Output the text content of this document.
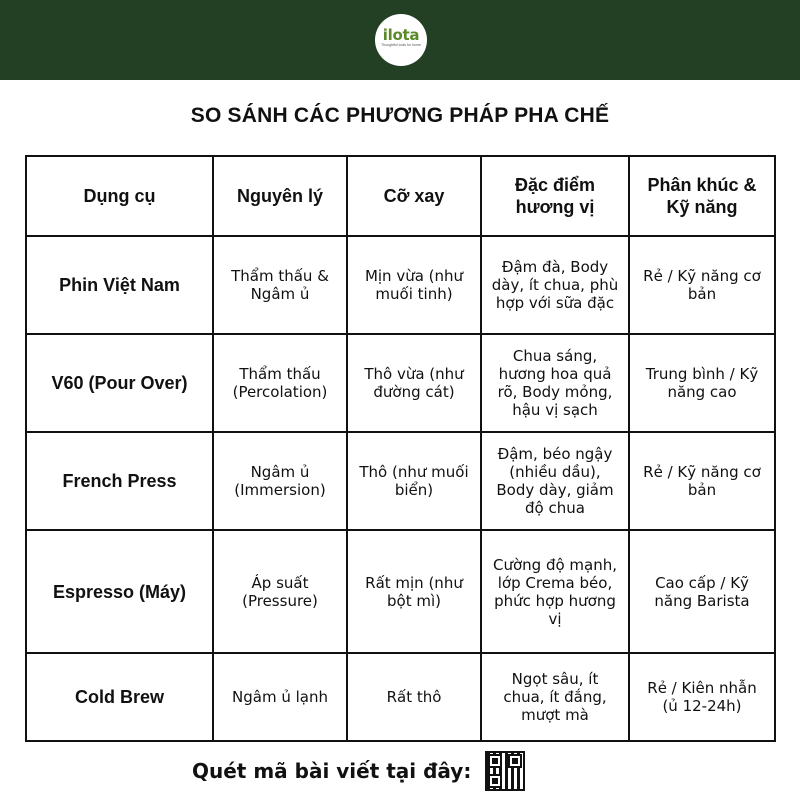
ilota
Thoughtful tools for home
SO SÁNH CÁC PHƯƠNG PHÁP PHA CHẾ
Dụng cụ	Nguyên lý	Cỡ xay	Đặc điểm hương vị	Phân khúc & Kỹ năng
Phin Việt Nam	Thẩm thấu & Ngâm ủ	Mịn vừa (như muối tinh)	Đậm đà, Body dày, ít chua, phù hợp với sữa đặc	Rẻ / Kỹ năng cơ bản
V60 (Pour Over)	Thẩm thấu (Percolation)	Thô vừa (như đường cát)	Chua sáng, hương hoa quả rõ, Body mỏng, hậu vị sạch	Trung bình / Kỹ năng cao
French Press	Ngâm ủ (Immersion)	Thô (như muối biển)	Đậm, béo ngậy (nhiều dầu), Body dày, giảm độ chua	Rẻ / Kỹ năng cơ bản
Espresso (Máy)	Áp suất (Pressure)	Rất mịn (như bột mì)	Cường độ mạnh, lớp Crema béo, phức hợp hương vị	Cao cấp / Kỹ năng Barista
Cold Brew	Ngâm ủ lạnh	Rất thô	Ngọt sâu, ít chua, ít đắng, mượt mà	Rẻ / Kiên nhẫn (ủ 12-24h)
Quét mã bài viết tại đây:
